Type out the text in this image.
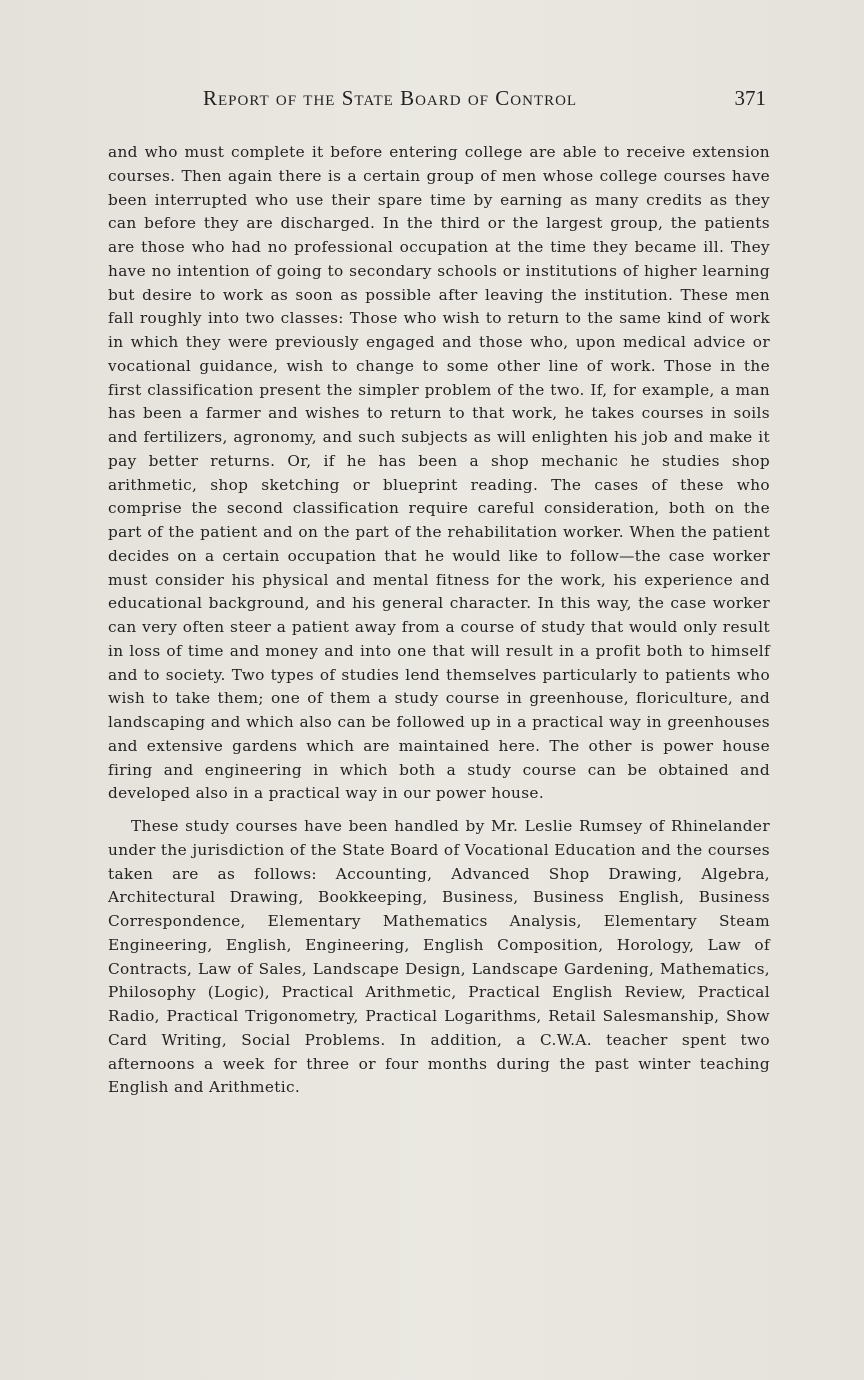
Report of the State Board of Control	371

and who must complete it before entering college are able to receive extension courses. Then again there is a certain group of men whose college courses have been interrupted who use their spare time by earning as many credits as they can before they are discharged. In the third or the largest group, the patients are those who had no professional occupation at the time they became ill. They have no intention of going to secondary schools or institutions of higher learning but desire to work as soon as possible after leaving the institution. These men fall roughly into two classes: Those who wish to return to the same kind of work in which they were previously engaged and those who, upon medical advice or vocational guidance, wish to change to some other line of work. Those in the first classification present the simpler problem of the two. If, for example, a man has been a farmer and wishes to return to that work, he takes courses in soils and fertilizers, agronomy, and such subjects as will enlighten his job and make it pay better returns. Or, if he has been a shop mechanic he studies shop arithmetic, shop sketching or blueprint reading. The cases of these who comprise the second classification require careful consideration, both on the part of the patient and on the part of the rehabilitation worker. When the patient decides on a certain occupation that he would like to follow—the case worker must consider his physical and mental fitness for the work, his experience and educational background, and his general character. In this way, the case worker can very often steer a patient away from a course of study that would only result in loss of time and money and into one that will result in a profit both to himself and to society. Two types of studies lend themselves particularly to patients who wish to take them; one of them a study course in greenhouse, floriculture, and landscaping and which also can be followed up in a practical way in greenhouses and extensive gardens which are maintained here. The other is power house firing and engineering in which both a study course can be obtained and developed also in a practical way in our power house.

These study courses have been handled by Mr. Leslie Rumsey of Rhinelander under the jurisdiction of the State Board of Vocational Education and the courses taken are as follows: Accounting, Advanced Shop Drawing, Algebra, Architectural Drawing, Bookkeeping, Business, Business English, Business Correspondence, Elementary Mathematics Analysis, Elementary Steam Engineering, English, Engineering, English Composition, Horology, Law of Contracts, Law of Sales, Landscape Design, Landscape Gardening, Mathematics, Philosophy (Logic), Practical Arithmetic, Practical English Review, Practical Radio, Practical Trigonometry, Practical Logarithms, Retail Salesmanship, Show Card Writing, Social Problems. In addition, a C.W.A. teacher spent two afternoons a week for three or four months during the past winter teaching English and Arithmetic.
